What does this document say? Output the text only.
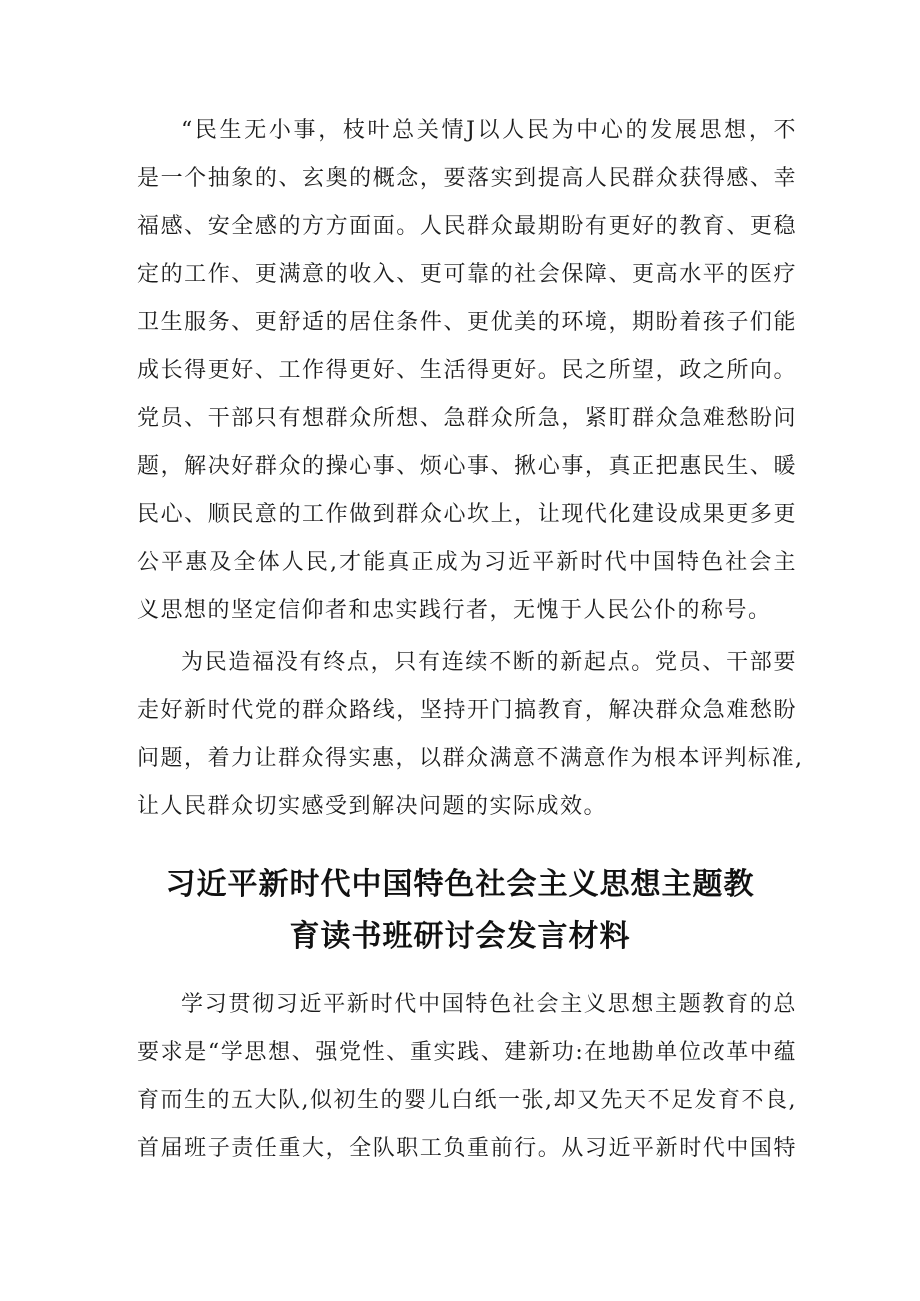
“民生无小事，枝叶总关情J以人民为中心的发展思想，不
是一个抽象的、玄奥的概念，要落实到提高人民群众获得感、幸
福感、安全感的方方面面。人民群众最期盼有更好的教育、更稳
定的工作、更满意的收入、更可靠的社会保障、更高水平的医疗
卫生服务、更舒适的居住条件、更优美的环境，期盼着孩子们能
成长得更好、工作得更好、生活得更好。民之所望，政之所向。
党员、干部只有想群众所想、急群众所急，紧盯群众急难愁盼问
题，解决好群众的操心事、烦心事、揪心事，真正把惠民生、暖
民心、顺民意的工作做到群众心坎上，让现代化建设成果更多更
公平惠及全体人民,才能真正成为习近平新时代中国特色社会主
义思想的坚定信仰者和忠实践行者，无愧于人民公仆的称号。
为民造福没有终点，只有连续不断的新起点。党员、干部要
走好新时代党的群众路线，坚持开门搞教育，解决群众急难愁盼
问题，着力让群众得实惠，以群众满意不满意作为根本评判标准,
让人民群众切实感受到解决问题的实际成效。
习近平新时代中国特色社会主义思想主题教
育读书班研讨会发言材料
学习贯彻习近平新时代中国特色社会主义思想主题教育的总
要求是“学思想、强党性、重实践、建新功:在地勘单位改革中蕴
育而生的五大队,似初生的婴儿白纸一张,却又先天不足发育不良,
首届班子责任重大，全队职工负重前行。从习近平新时代中国特
